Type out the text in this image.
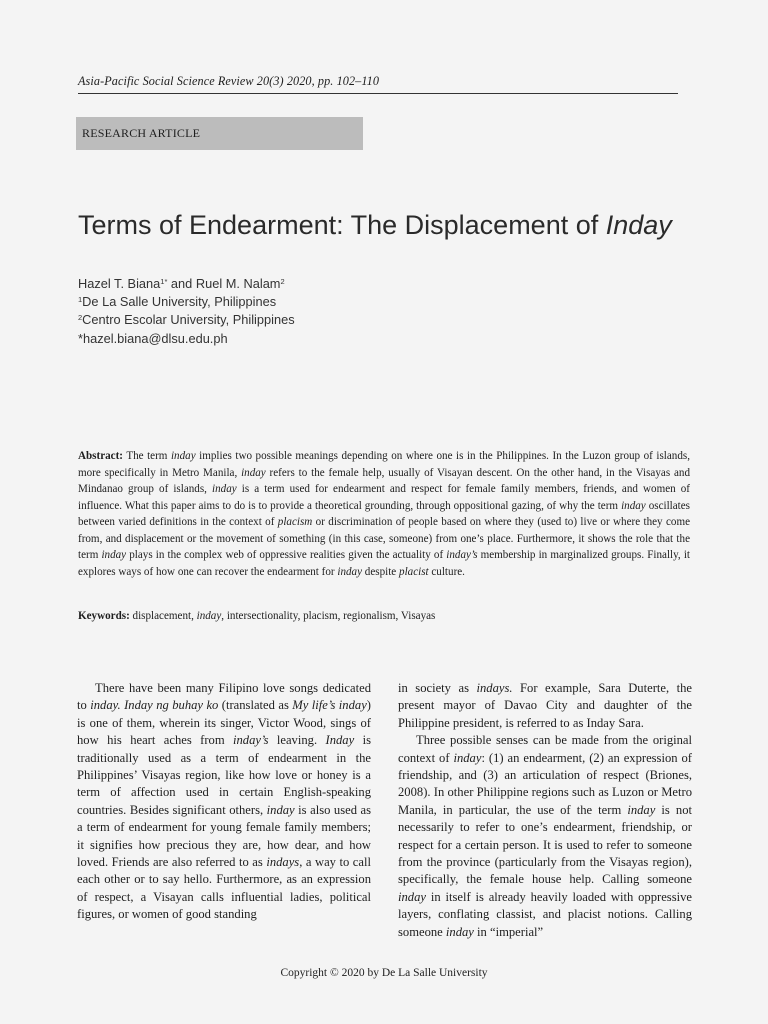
Asia-Pacific Social Science Review 20(3) 2020, pp. 102–110
RESEARCH ARTICLE
Terms of Endearment: The Displacement of Inday
Hazel T. Biana$^{1*}$ and Ruel M. Nalam$^2$
$^1$De La Salle University, Philippines
$^2$Centro Escolar University, Philippines
*hazel.biana@dlsu.edu.ph
Abstract: The term inday implies two possible meanings depending on where one is in the Philippines. In the Luzon group of islands, more specifically in Metro Manila, inday refers to the female help, usually of Visayan descent. On the other hand, in the Visayas and Mindanao group of islands, inday is a term used for endearment and respect for female family members, friends, and women of influence. What this paper aims to do is to provide a theoretical grounding, through oppositional gazing, of why the term inday oscillates between varied definitions in the context of placism or discrimination of people based on where they (used to) live or where they come from, and displacement or the movement of something (in this case, someone) from one’s place. Furthermore, it shows the role that the term inday plays in the complex web of oppressive realities given the actuality of inday’s membership in marginalized groups. Finally, it explores ways of how one can recover the endearment for inday despite placist culture.
Keywords: displacement, inday, intersectionality, placism, regionalism, Visayas
There have been many Filipino love songs dedicated to inday. Inday ng buhay ko (translated as My life’s inday) is one of them, wherein its singer, Victor Wood, sings of how his heart aches from inday’s leaving. Inday is traditionally used as a term of endearment in the Philippines’ Visayas region, like how love or honey is a term of affection used in certain English-speaking countries. Besides significant others, inday is also used as a term of endearment for young female family members; it signifies how precious they are, how dear, and how loved. Friends are also referred to as indays, a way to call each other or to say hello. Furthermore, as an expression of respect, a Visayan calls influential ladies, political figures, or women of good standing
in society as indays. For example, Sara Duterte, the present mayor of Davao City and daughter of the Philippine president, is referred to as Inday Sara.
Three possible senses can be made from the original context of inday: (1) an endearment, (2) an expression of friendship, and (3) an articulation of respect (Briones, 2008). In other Philippine regions such as Luzon or Metro Manila, in particular, the use of the term inday is not necessarily to refer to one’s endearment, friendship, or respect for a certain person. It is used to refer to someone from the province (particularly from the Visayas region), specifically, the female house help. Calling someone inday in itself is already heavily loaded with oppressive layers, conflating classist, and placist notions. Calling someone inday in “imperial”
Copyright © 2020 by De La Salle University
